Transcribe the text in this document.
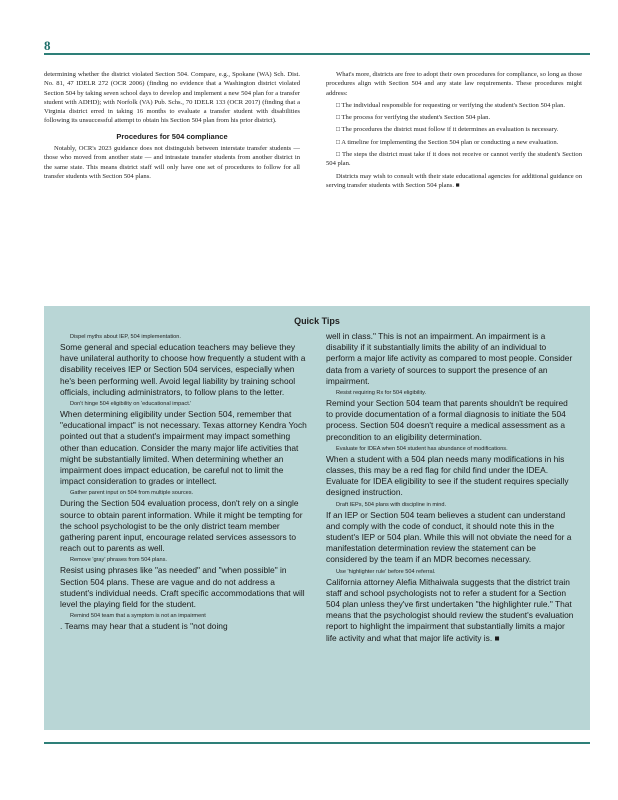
8

determining whether the district violated Section 504. Compare, e.g., Spokane (WA) Sch. Dist. No. 81, 47 IDELR 272 (OCR 2006) (finding no evidence that a Washington district violated Section 504 by taking seven school days to develop and implement a new 504 plan for a transfer student with ADHD); with Norfolk (VA) Pub. Schs., 70 IDELR 133 (OCR 2017) (finding that a Virginia district erred in taking 16 months to evaluate a transfer student with disabilities following its unsuccessful attempt to obtain his Section 504 plan from his prior district).

Procedures for 504 compliance

Notably, OCR's 2023 guidance does not distinguish between interstate transfer students — those who moved from another state — and intrastate transfer students from another district in the same state. This means district staff will only have one set of procedures to follow for all transfer students with Section 504 plans.

What's more, districts are free to adopt their own procedures for compliance, so long as those procedures align with Section 504 and any state law requirements. These procedures might address:

□ The individual responsible for requesting or verifying the student's Section 504 plan.

□ The process for verifying the student's Section 504 plan.

□ The procedures the district must follow if it determines an evaluation is necessary.

□ A timeline for implementing the Section 504 plan or conducting a new evaluation.

□ The steps the district must take if it does not receive or cannot verify the student's Section 504 plan.

Districts may wish to consult with their state educational agencies for additional guidance on serving transfer students with Section 504 plans. ■

Quick Tips

Dispel myths about IEP, 504 implementation.
Some general and special education teachers may believe they have unilateral authority to choose how frequently a student with a disability receives IEP or Section 504 services, especially when he's been performing well. Avoid legal liability by training school officials, including administrators, to follow plans to the letter.

Don't hinge 504 eligibility on 'educational impact.'
When determining eligibility under Section 504, remember that "educational impact" is not necessary. Texas attorney Kendra Yoch pointed out that a student's impairment may impact something other than education. Consider the many major life activities that might be substantially limited. When determining whether an impairment does impact education, be careful not to limit the impact consideration to grades or intellect.

Gather parent input on 504 from multiple sources.
During the Section 504 evaluation process, don't rely on a single source to obtain parent information. While it might be tempting for the school psychologist to be the only district team member gathering parent input, encourage related services assessors to reach out to parents as well.

Remove 'gray' phrases from 504 plans.
Resist using phrases like "as needed" and "when possible" in Section 504 plans. These are vague and do not address a student's individual needs. Craft specific accommodations that will level the playing field for the student.

Remind 504 team that a symptom is not an impairment
. Teams may hear that a student is "not doing

well in class." This is not an impairment. An impairment is a disability if it substantially limits the ability of an individual to perform a major life activity as compared to most people. Consider data from a variety of sources to support the presence of an impairment.

Resist requiring Rx for 504 eligibility.
Remind your Section 504 team that parents shouldn't be required to provide documentation of a formal diagnosis to initiate the 504 process. Section 504 doesn't require a medical assessment as a precondition to an eligibility determination.

Evaluate for IDEA when 504 student has abundance of modifications.
When a student with a 504 plan needs many modifications in his classes, this may be a red flag for child find under the IDEA. Evaluate for IDEA eligibility to see if the student requires specially designed instruction.

Draft IEPs, 504 plans with discipline in mind.
If an IEP or Section 504 team believes a student can understand and comply with the code of conduct, it should note this in the student's IEP or 504 plan. While this will not obviate the need for a manifestation determination review the statement can be considered by the team if an MDR becomes necessary.

Use 'highlighter rule' before 504 referral.
California attorney Alefia Mithaiwala suggests that the district train staff and school psychologists not to refer a student for a Section 504 plan unless they've first undertaken "the highlighter rule." That means that the psychologist should review the student's evaluation report to highlight the impairment that substantially limits a major life activity and what that major life activity is. ■
